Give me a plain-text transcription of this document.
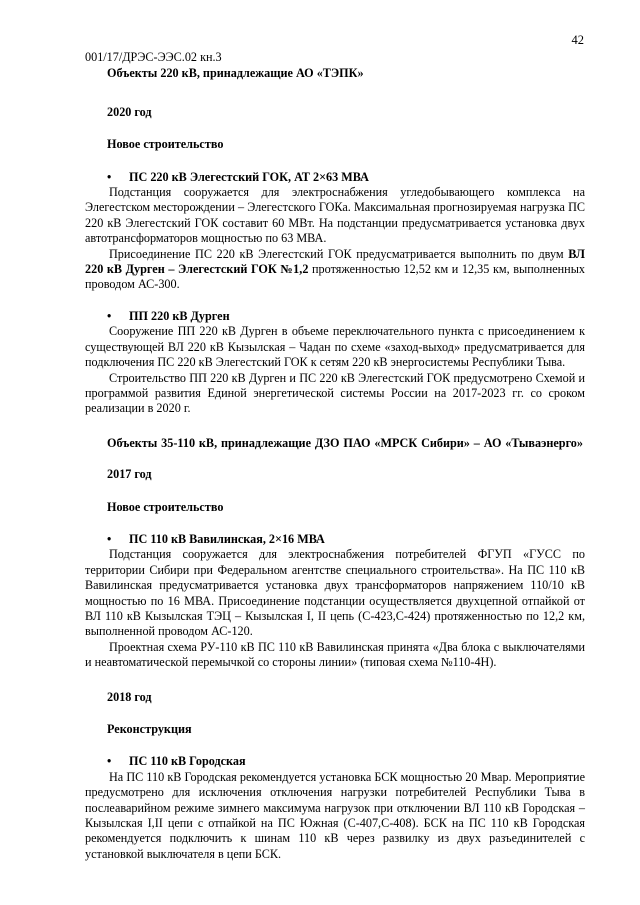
42
001/17/ДРЭС-ЭЭС.02 кн.3
Объекты 220 кВ, принадлежащие АО «ТЭПК»
2020 год
Новое строительство
• ПС 220 кВ Элегестский ГОК, АТ 2×63 МВА

Подстанция сооружается для электроснабжения угледобывающего комплекса на Элегестском месторождении – Элегестского ГОКа. Максимальная прогнозируемая нагрузка ПС 220 кВ Элегестский ГОК составит 60 МВт. На подстанции предусматривается установка двух автотрансформаторов мощностью по 63 МВА.

Присоединение ПС 220 кВ Элегестский ГОК предусматривается выполнить по двум ВЛ 220 кВ Дурген – Элегестский ГОК №1,2 протяженностью 12,52 км и 12,35 км, выполненных проводом АС-300.

• ПП 220 кВ Дурген

Сооружение ПП 220 кВ Дурген в объеме переключательного пункта с присоединением к существующей ВЛ 220 кВ Кызылская – Чадан по схеме «заход-выход» предусматривается для подключения ПС 220 кВ Элегестский ГОК к сетям 220 кВ энергосистемы Республики Тыва.

Строительство ПП 220 кВ Дурген и ПС 220 кВ Элегестский ГОК предусмотрено Схемой и программой развития Единой энергетической системы России на 2017-2023 гг. со сроком реализации в 2020 г.

Объекты 35-110 кВ, принадлежащие ДЗО ПАО «МРСК Сибири» – АО «Тываэнерго»
2017 год
Новое строительство
• ПС 110 кВ Вавилинская, 2×16 МВА

Подстанция сооружается для электроснабжения потребителей ФГУП «ГУСС по территории Сибири при Федеральном агентстве специального строительства». На ПС 110 кВ Вавилинская предусматривается установка двух трансформаторов напряжением 110/10 кВ мощностью по 16 МВА. Присоединение подстанции осуществляется двухцепной отпайкой от ВЛ 110 кВ Кызылская ТЭЦ – Кызылская I, II цепь (С-423,С-424) протяженностью по 12,2 км, выполненной проводом АС-120.

Проектная схема РУ-110 кВ ПС 110 кВ Вавилинская принята «Два блока с выключателями и неавтоматической перемычкой со стороны линии» (типовая схема №110-4Н).

2018 год
Реконструкция
• ПС 110 кВ Городская

На ПС 110 кВ Городская рекомендуется установка БСК мощностью 20 Мвар. Мероприятие предусмотрено для исключения отключения нагрузки потребителей Республики Тыва в послеаварийном режиме зимнего максимума нагрузок при отключении ВЛ 110 кВ Городская – Кызылская I,II цепи с отпайкой на ПС Южная (С-407,С-408). БСК на ПС 110 кВ Городская рекомендуется подключить к шинам 110 кВ через развилку из двух разъединителей с установкой выключателя в цепи БСК.
